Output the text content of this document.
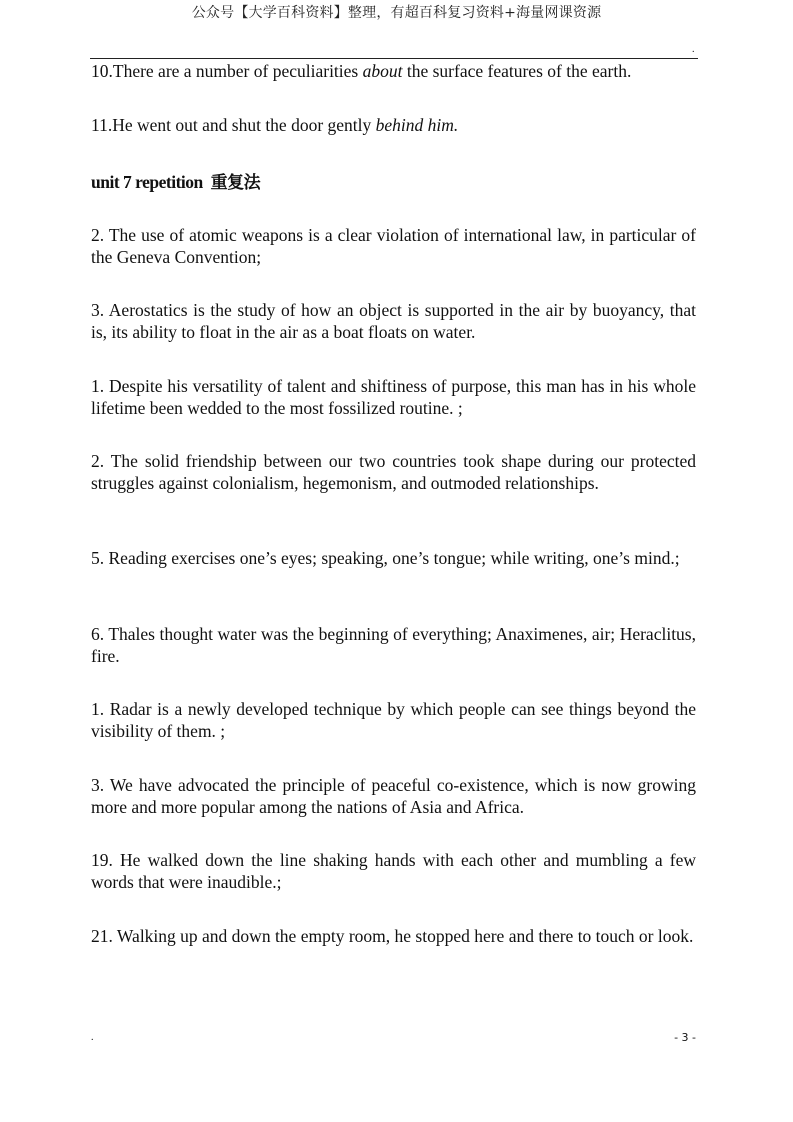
公众号【大学百科资料】整理，有超百科复习资料+海量网课资源
.
10.There are a number of peculiarities about the surface features of the earth.
11.He went out and shut the door gently behind him.
unit 7 repetition 重复法
2. The use of atomic weapons is a clear violation of international law, in particular of the Geneva Convention;
3. Aerostatics is the study of how an object is supported in the air by buoyancy, that is, its ability to float in the air as a boat floats on water.
1. Despite his versatility of talent and shiftiness of purpose, this man has in his whole lifetime been wedded to the most fossilized routine. ;
2. The solid friendship between our two countries took shape during our protected struggles against colonialism, hegemonism, and outmoded relationships.
5. Reading exercises one’s eyes; speaking, one’s tongue; while writing, one’s mind.;
6. Thales thought water was the beginning of everything; Anaximenes, air; Heraclitus, fire.
1. Radar is a newly developed technique by which people can see things beyond the visibility of them. ;
3. We have advocated the principle of peaceful co-existence, which is now growing more and more popular among the nations of Asia and Africa.
19. He walked down the line shaking hands with each other and mumbling a few words that were inaudible.;
21. Walking up and down the empty room, he stopped here and there to touch or look.
.	- 3 -
